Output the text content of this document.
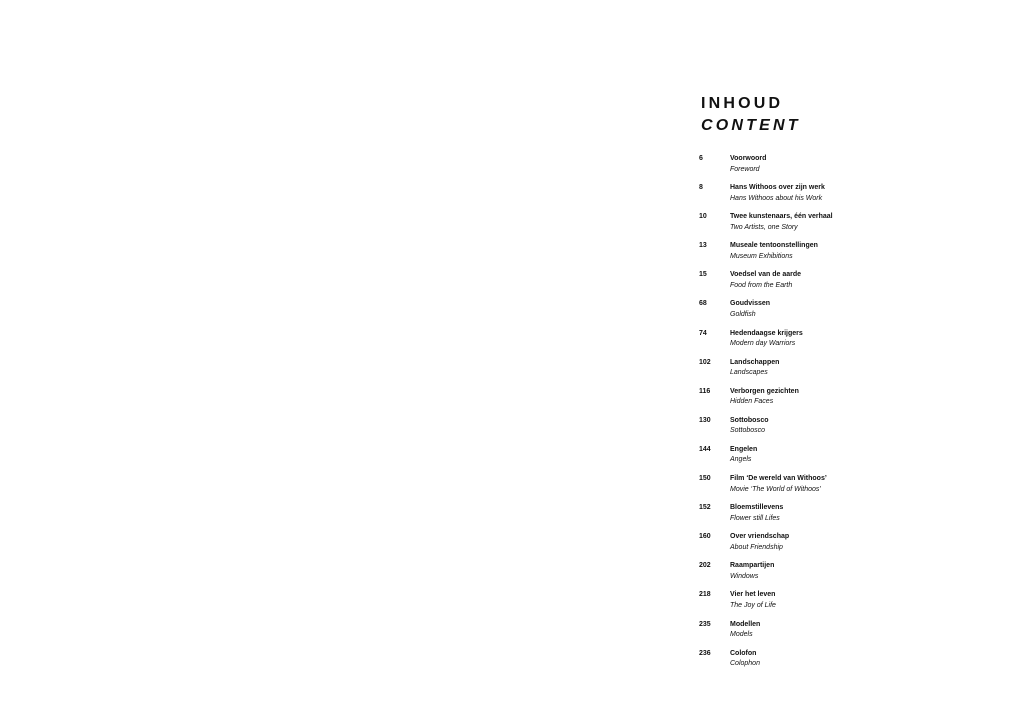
INHOUD
CONTENT
6	Voorwoord
Foreword
8	Hans Withoos over zijn werk
Hans Withoos about his Work
10	Twee kunstenaars, één verhaal
Two Artists, one Story
13	Museale tentoonstellingen
Museum Exhibitions
15	Voedsel van de aarde
Food from the Earth
68	Goudvissen
Goldfish
74	Hedendaagse krijgers
Modern day Warriors
102	Landschappen
Landscapes
116	Verborgen gezichten
Hidden Faces
130	Sottobosco
Sottobosco
144	Engelen
Angels
150	Film ‘De wereld van Withoos’
Movie ‘The World of Withoos’
152	Bloemstillevens
Flower still Lifes
160	Over vriendschap
About Friendship
202	Raampartijen
Windows
218	Vier het leven
The Joy of Life
235	Modellen
Models
236	Colofon
Colophon
